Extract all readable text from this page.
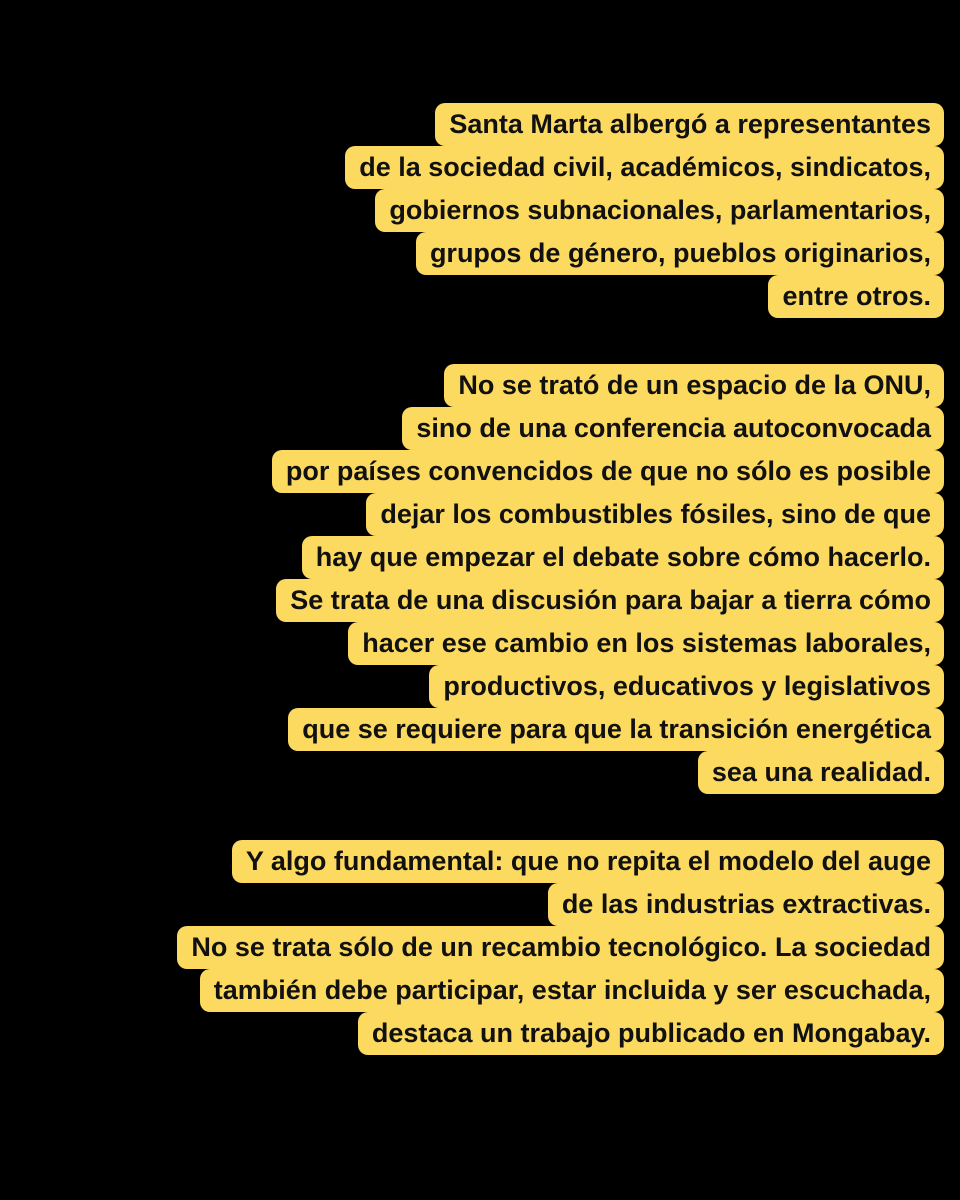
Santa Marta albergó a representantes
de la sociedad civil, académicos, sindicatos,
gobiernos subnacionales, parlamentarios,
grupos de género, pueblos originarios,
entre otros.
No se trató de un espacio de la ONU,
sino de una conferencia autoconvocada
por países convencidos de que no sólo es posible
dejar los combustibles fósiles, sino de que
hay que empezar el debate sobre cómo hacerlo.
Se trata de una discusión para bajar a tierra cómo
hacer ese cambio en los sistemas laborales,
productivos, educativos y legislativos
que se requiere para que la transición energética
sea una realidad.
Y algo fundamental: que no repita el modelo del auge
de las industrias extractivas.
No se trata sólo de un recambio tecnológico. La sociedad
también debe participar, estar incluida y ser escuchada,
destaca un trabajo publicado en Mongabay.
